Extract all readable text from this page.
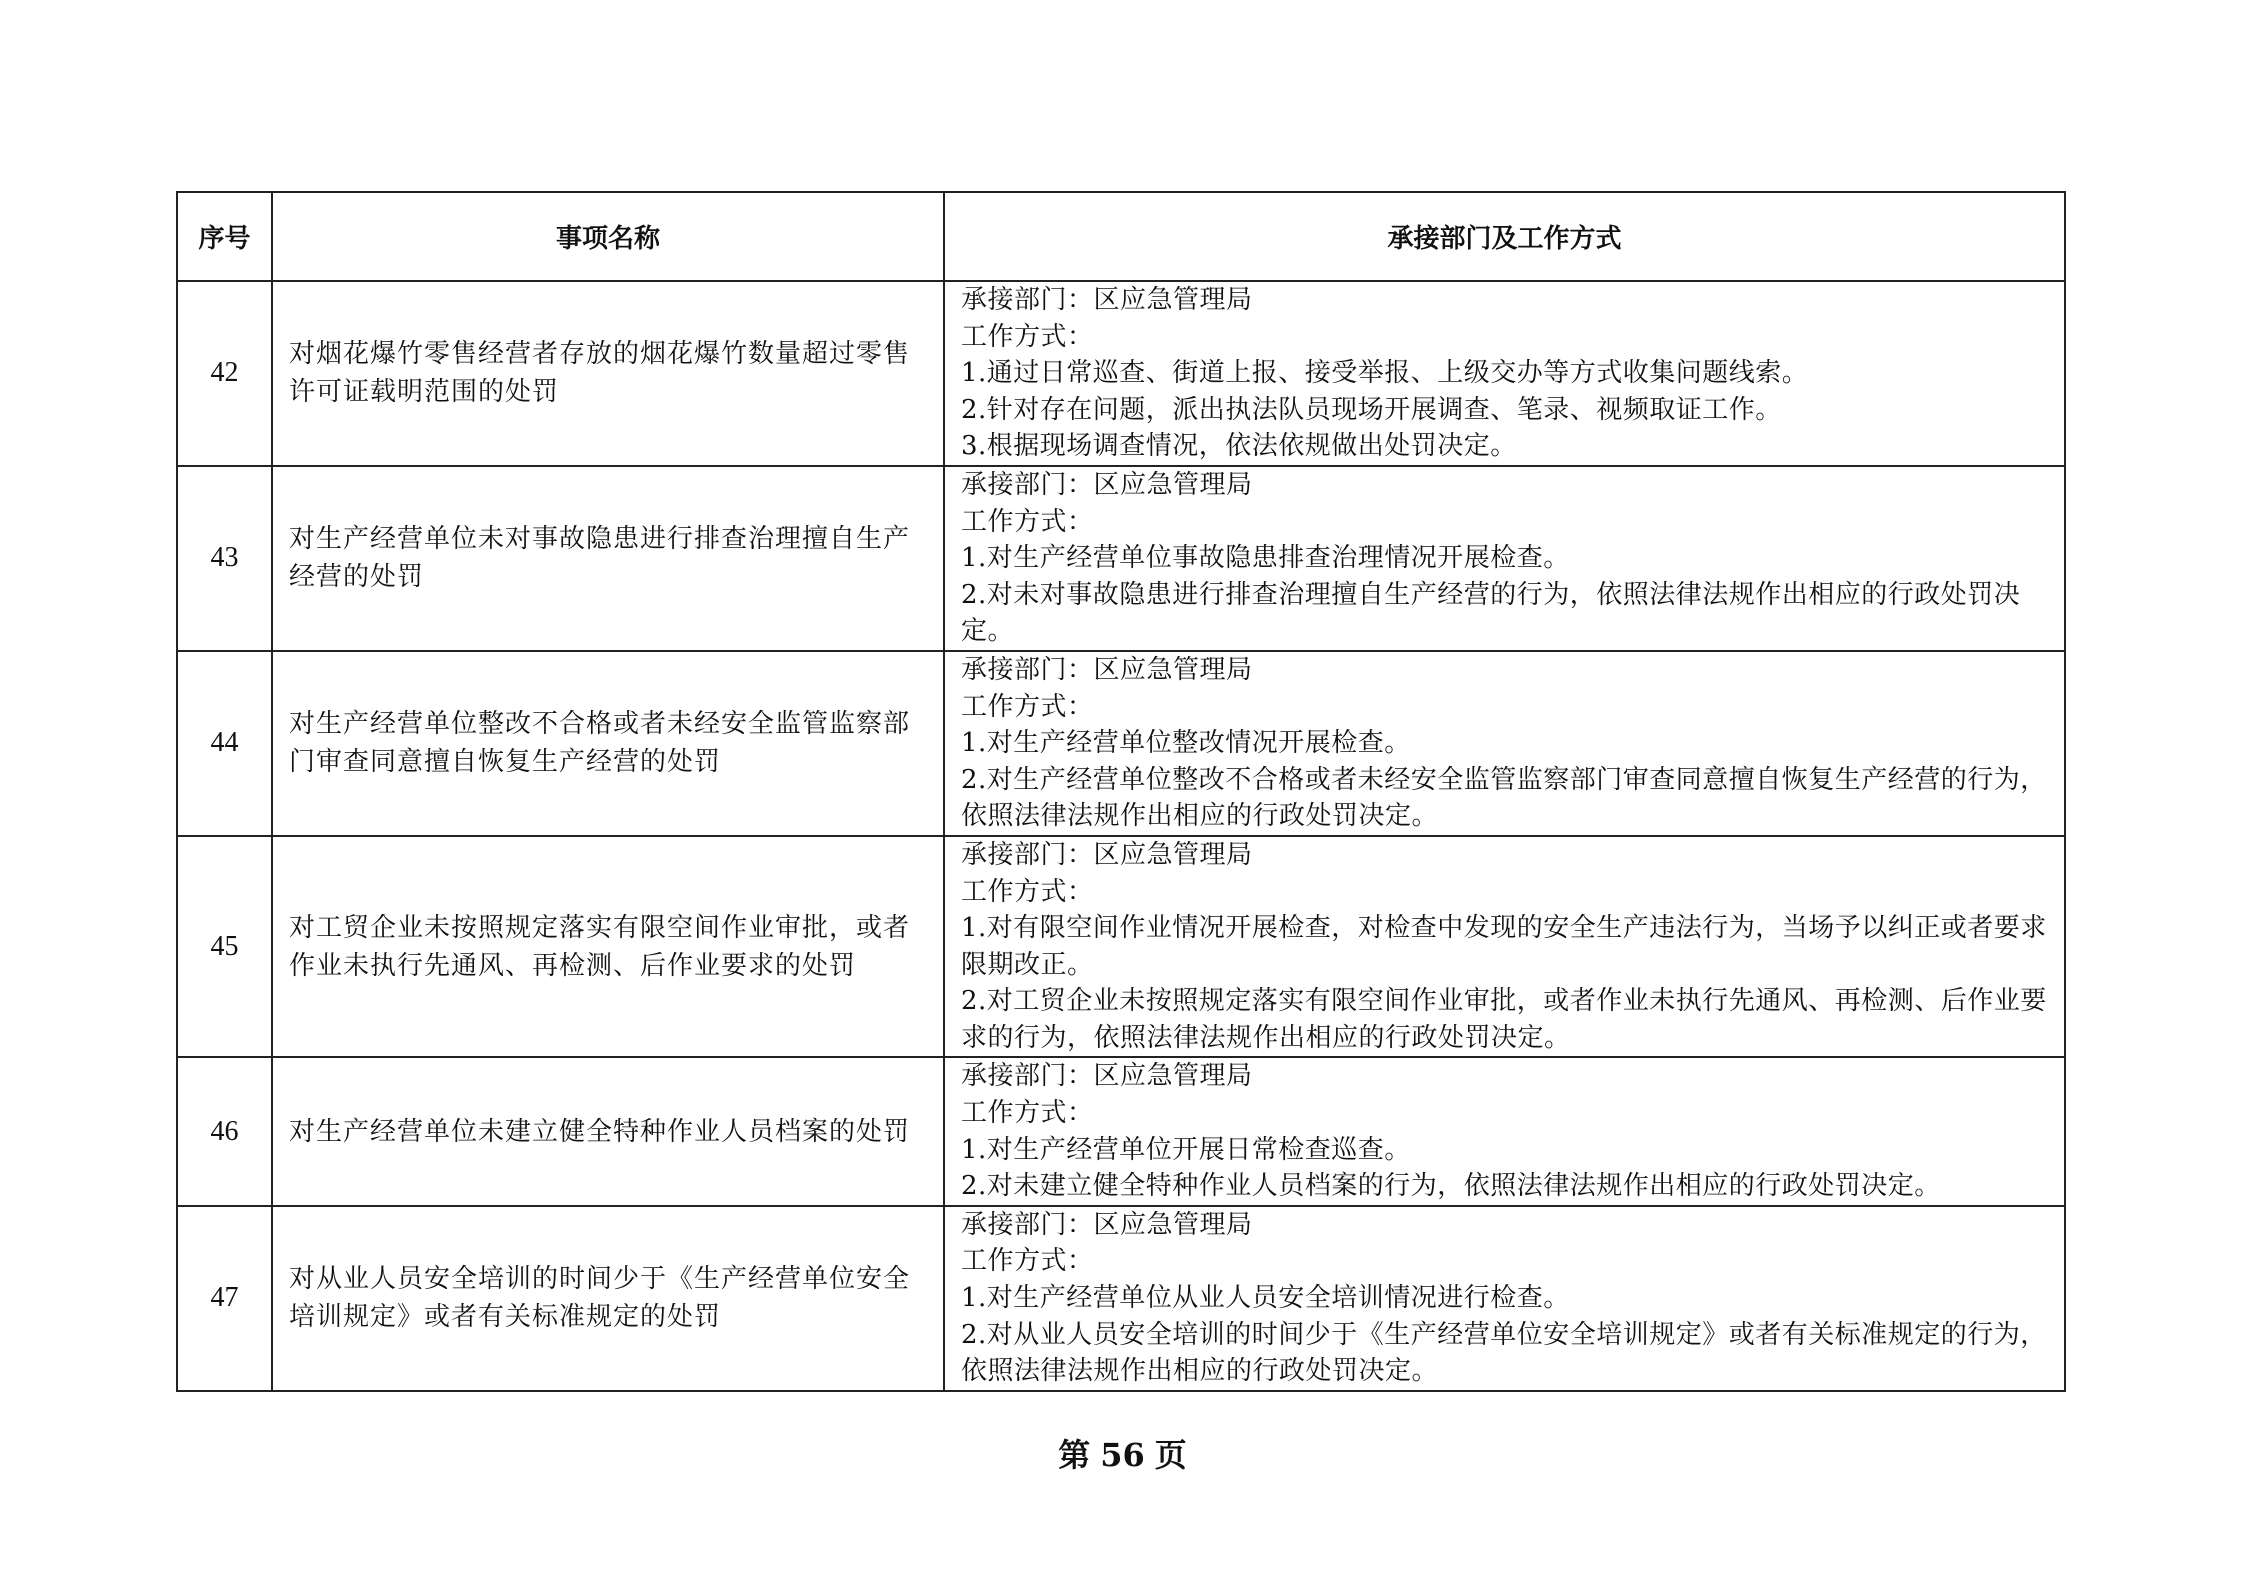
序号	事项名称	承接部门及工作方式
42	对烟花爆竹零售经营者存放的烟花爆竹数量超过零售许可证载明范围的处罚	承接部门：区应急管理局
工作方式：
1.通过日常巡查、街道上报、接受举报、上级交办等方式收集问题线索。
2.针对存在问题，派出执法队员现场开展调查、笔录、视频取证工作。
3.根据现场调查情况，依法依规做出处罚决定。

43	对生产经营单位未对事故隐患进行排查治理擅自生产经营的处罚	承接部门：区应急管理局
工作方式：
1.对生产经营单位事故隐患排查治理情况开展检查。
2.对未对事故隐患进行排查治理擅自生产经营的行为，依照法律法规作出相应的行政处罚决定。

44	对生产经营单位整改不合格或者未经安全监管监察部门审查同意擅自恢复生产经营的处罚	承接部门：区应急管理局
工作方式：
1.对生产经营单位整改情况开展检查。
2.对生产经营单位整改不合格或者未经安全监管监察部门审查同意擅自恢复生产经营的行为，依照法律法规作出相应的行政处罚决定。

45	对工贸企业未按照规定落实有限空间作业审批，或者作业未执行先通风、再检测、后作业要求的处罚	承接部门：区应急管理局
工作方式：
1.对有限空间作业情况开展检查，对检查中发现的安全生产违法行为，当场予以纠正或者要求限期改正。
2.对工贸企业未按照规定落实有限空间作业审批，或者作业未执行先通风、再检测、后作业要求的行为，依照法律法规作出相应的行政处罚决定。

46	对生产经营单位未建立健全特种作业人员档案的处罚	承接部门：区应急管理局
工作方式：
1.对生产经营单位开展日常检查巡查。
2.对未建立健全特种作业人员档案的行为，依照法律法规作出相应的行政处罚决定。

47	对从业人员安全培训的时间少于《生产经营单位安全培训规定》或者有关标准规定的处罚	承接部门：区应急管理局
工作方式：
1.对生产经营单位从业人员安全培训情况进行检查。
2.对从业人员安全培训的时间少于《生产经营单位安全培训规定》或者有关标准规定的行为，依照法律法规作出相应的行政处罚决定。
第 56 页
